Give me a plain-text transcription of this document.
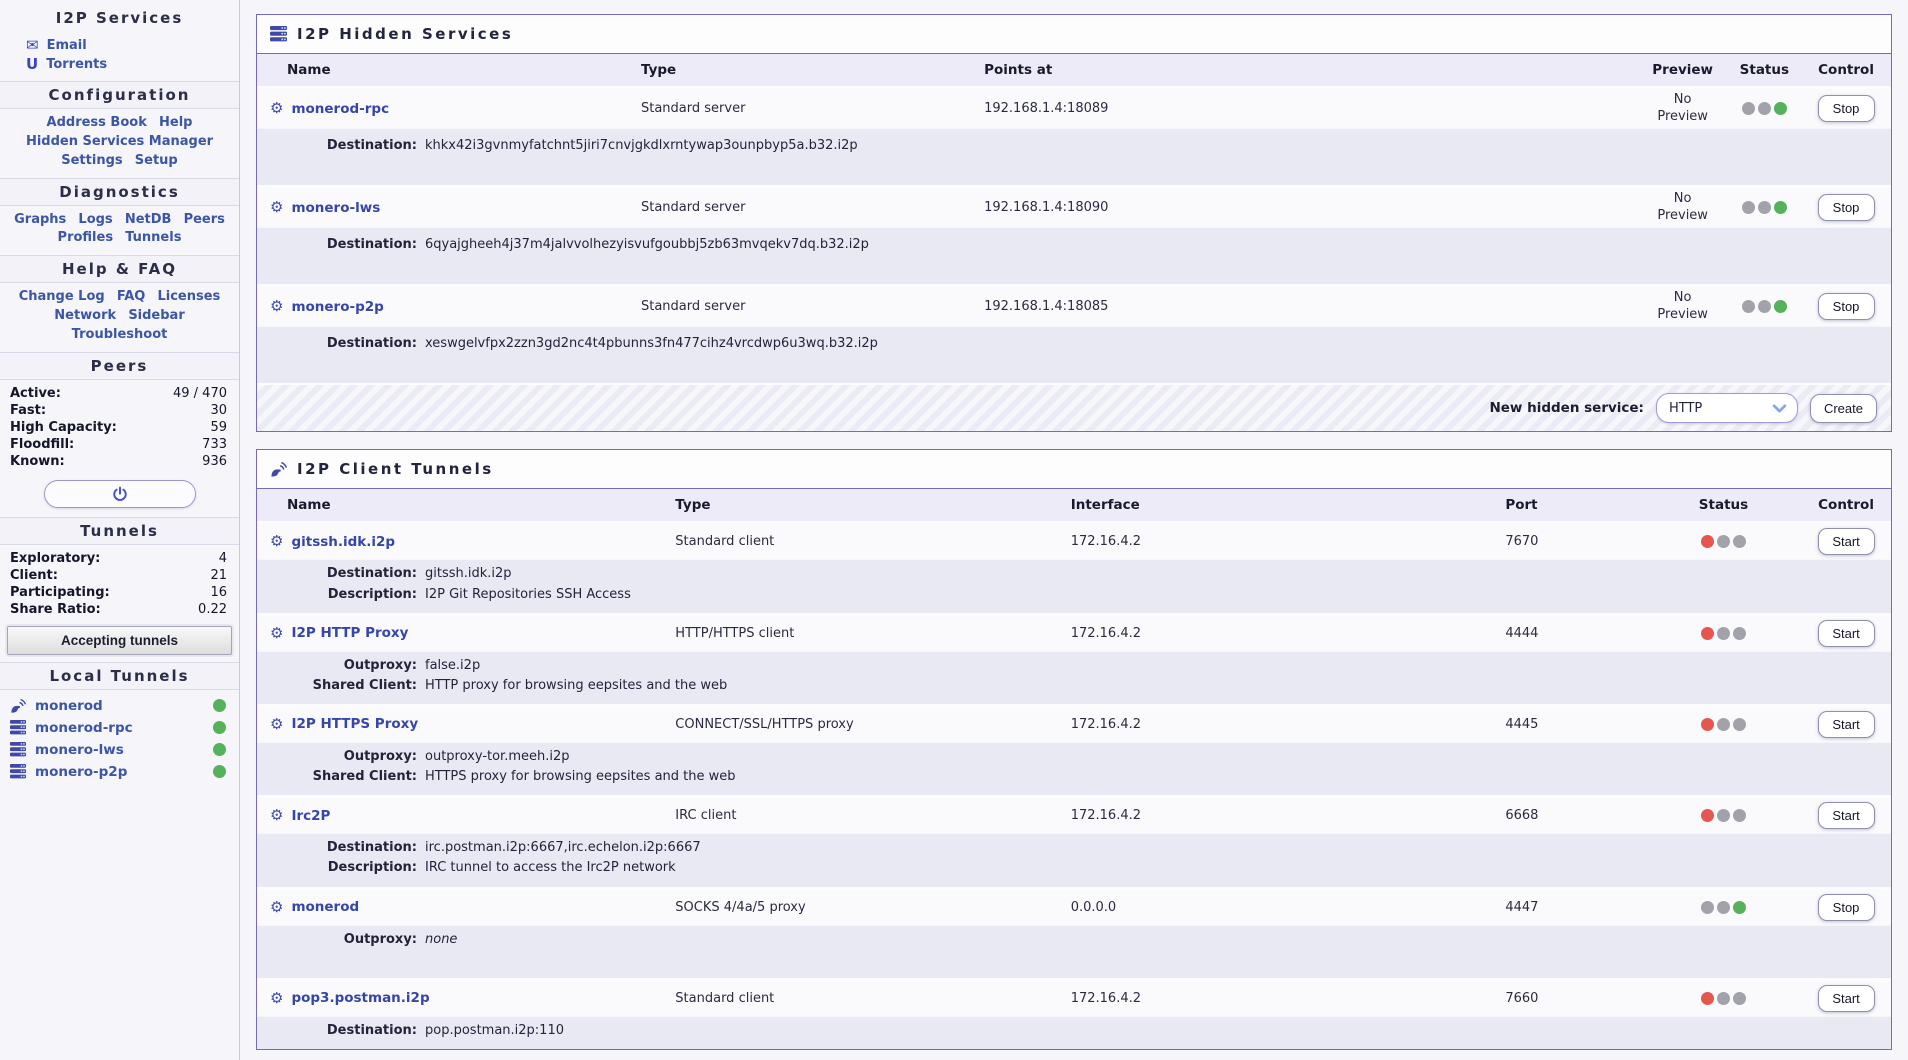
I2P Services
✉ Email
U Torrents
Configuration
Address Book Help
Hidden Services Manager
Settings Setup
Diagnostics
Graphs Logs NetDB Peers
Profiles Tunnels
Help & FAQ
Change Log FAQ Licenses
Network Sidebar Troubleshoot
Peers
Active:	49 / 470
Fast:	30
High Capacity:	59
Floodfill:	733
Known:	936
Tunnels
Exploratory:	4
Client:	21
Participating:	16
Share Ratio:	0.22
Accepting tunnels
Local Tunnels
monerod
monerod-rpc
monero-lws
monero-p2p
I2P Hidden Services
Name	Type	Points at	Preview	Status	Control

⚙ monerod-rpc	Standard server	192.168.1.4:18089	No Preview		Stop

Destination: khkx42i3gvnmyfatchnt5jiri7cnvjgkdlxrntywap3ounpbyp5a.b32.i2p					

⚙ monero-lws	Standard server	192.168.1.4:18090	No Preview		Stop

Destination: 6qyajgheeh4j37m4jalvvolhezyisvufgoubbj5zb63mvqekv7dq.b32.i2p					

⚙ monero-p2p	Standard server	192.168.1.4:18085	No Preview		Stop

Destination: xeswgelvfpx2zzn3gd2nc4t4pbunns3fn477cihz4vrcdwp6u3wq.b32.i2p					
New hidden service: HTTP	Create
I2P Client Tunnels
Name	Type	Interface	Port	Status	Control

⚙ gitssh.idk.i2p	Standard client	172.16.4.2	7670		Start

Destination: gitssh.idk.i2p
Description: I2P Git Repositories SSH Access					

⚙ I2P HTTP Proxy	HTTP/HTTPS client	172.16.4.2	4444		Start

Outproxy: false.i2p
Shared Client: HTTP proxy for browsing eepsites and the web					

⚙ I2P HTTPS Proxy	CONNECT/SSL/HTTPS proxy	172.16.4.2	4445		Start

Outproxy: outproxy-tor.meeh.i2p
Shared Client: HTTPS proxy for browsing eepsites and the web					

⚙ Irc2P	IRC client	172.16.4.2	6668		Start

Destination: irc.postman.i2p:6667,irc.echelon.i2p:6667
Description: IRC tunnel to access the Irc2P network					

⚙ monerod	SOCKS 4/4a/5 proxy	0.0.0.0	4447		Stop

Outproxy: none					

⚙ pop3.postman.i2p	Standard client	172.16.4.2	7660		Start

Destination: pop.postman.i2p:110					
